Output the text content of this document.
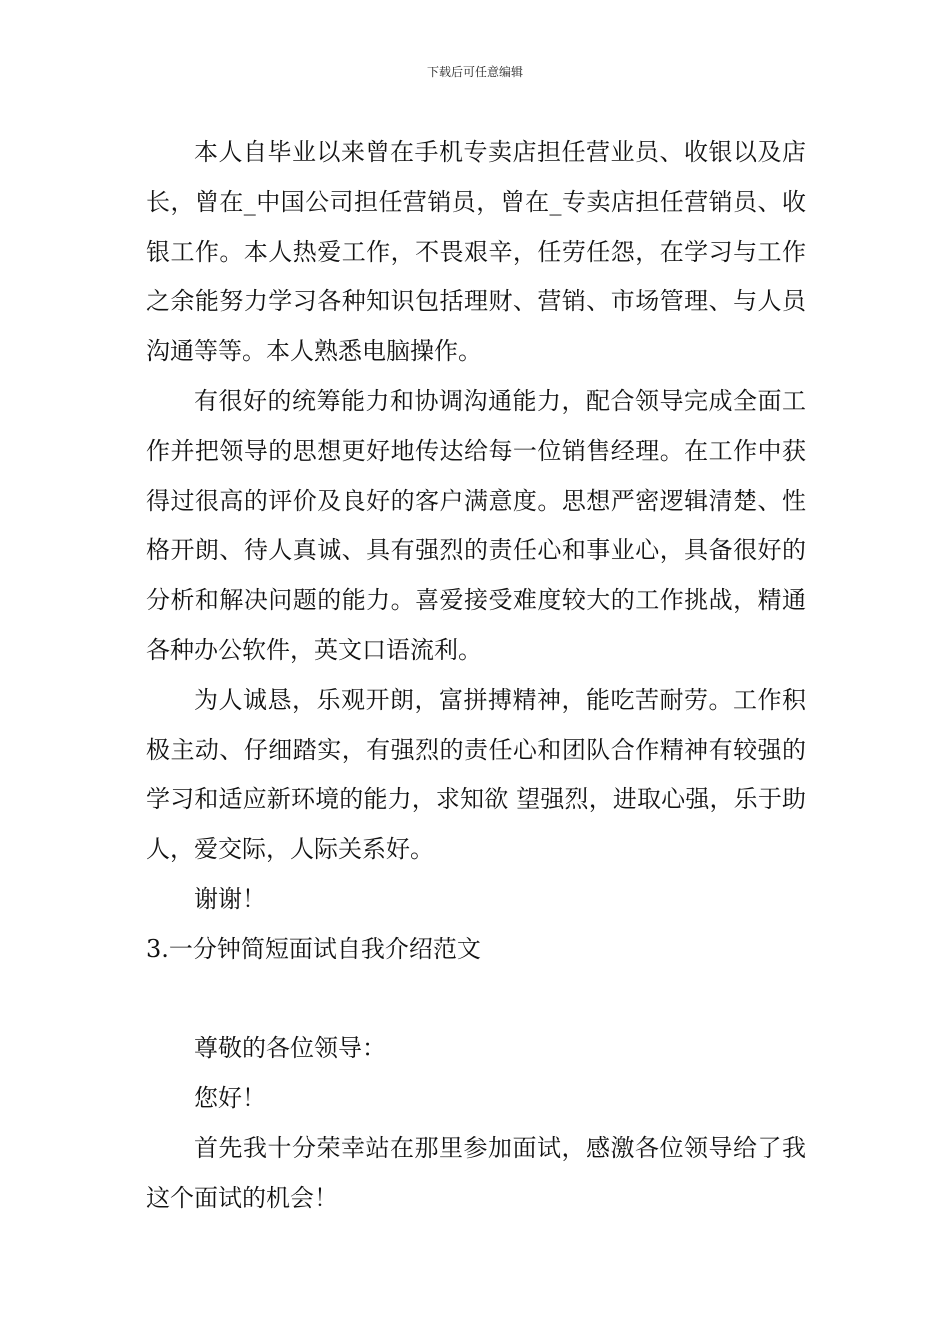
下载后可任意编辑

本人自毕业以来曾在手机专卖店担任营业员、收银以及店长，曾在_中国公司担任营销员，曾在_专卖店担任营销员、收银工作。本人热爱工作，不畏艰辛，任劳任怨，在学习与工作之余能努力学习各种知识包括理财、营销、市场管理、与人员沟通等等。本人熟悉电脑操作。

有很好的统筹能力和协调沟通能力，配合领导完成全面工作并把领导的思想更好地传达给每一位销售经理。在工作中获得过很高的评价及良好的客户满意度。思想严密逻辑清楚、性格开朗、待人真诚、具有强烈的责任心和事业心，具备很好的分析和解决问题的能力。喜爱接受难度较大的工作挑战，精通各种办公软件，英文口语流利。

为人诚恳，乐观开朗，富拼搏精神，能吃苦耐劳。工作积极主动、仔细踏实，有强烈的责任心和团队合作精神有较强的学习和适应新环境的能力，求知欲 望强烈，进取心强，乐于助人，爱交际，人际关系好。

谢谢！

3.一分钟简短面试自我介绍范文

尊敬的各位领导：

您好！

首先我十分荣幸站在那里参加面试，感激各位领导给了我这个面试的机会！
